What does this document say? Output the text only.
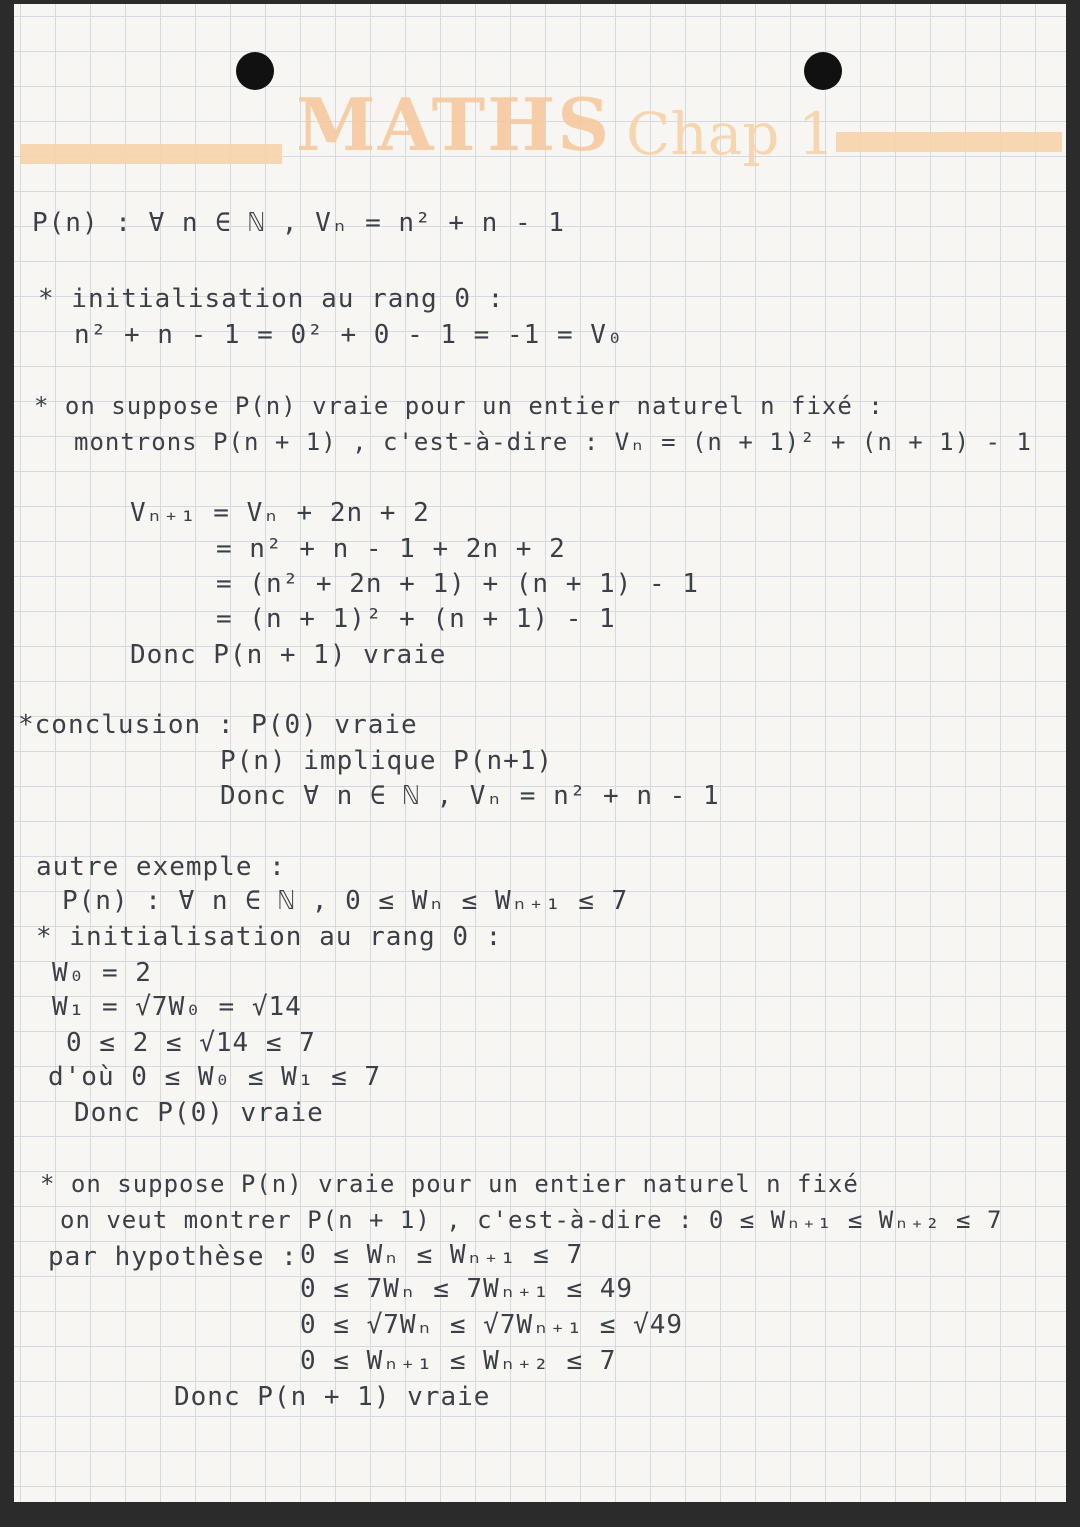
MATHS Chap 1
P(n) : ∀ n ∈ ℕ , Vₙ = n² + n - 1
* initialisation au rang 0 :
n² + n - 1 = 0² + 0 - 1 = -1 = V₀
* on suppose P(n) vraie pour un entier naturel n fixé :
montrons P(n + 1) , c'est-à-dire : Vₙ = (n + 1)² + (n + 1) - 1
Vₙ₊₁ = Vₙ + 2n + 2
= n² + n - 1 + 2n + 2
= (n² + 2n + 1) + (n + 1) - 1
= (n + 1)² + (n + 1) - 1
Donc P(n + 1) vraie
*conclusion : P(0) vraie
P(n) implique P(n+1)
Donc ∀ n ∈ ℕ , Vₙ = n² + n - 1
autre exemple :
P(n) : ∀ n ∈ ℕ , 0 ≤ Wₙ ≤ Wₙ₊₁ ≤ 7
* initialisation au rang 0 :
W₀ = 2
W₁ = √7W₀ = √14
0 ≤ 2 ≤ √14 ≤ 7
d'où 0 ≤ W₀ ≤ W₁ ≤ 7
Donc P(0) vraie
* on suppose P(n) vraie pour un entier naturel n fixé
on veut montrer P(n + 1) , c'est-à-dire : 0 ≤ Wₙ₊₁ ≤ Wₙ₊₂ ≤ 7
par hypothèse : 0 ≤ Wₙ ≤ Wₙ₊₁ ≤ 7
0 ≤ 7Wₙ ≤ 7Wₙ₊₁ ≤ 49
0 ≤ √7Wₙ ≤ √7Wₙ₊₁ ≤ √49
0 ≤ Wₙ₊₁ ≤ Wₙ₊₂ ≤ 7
Donc P(n + 1) vraie
